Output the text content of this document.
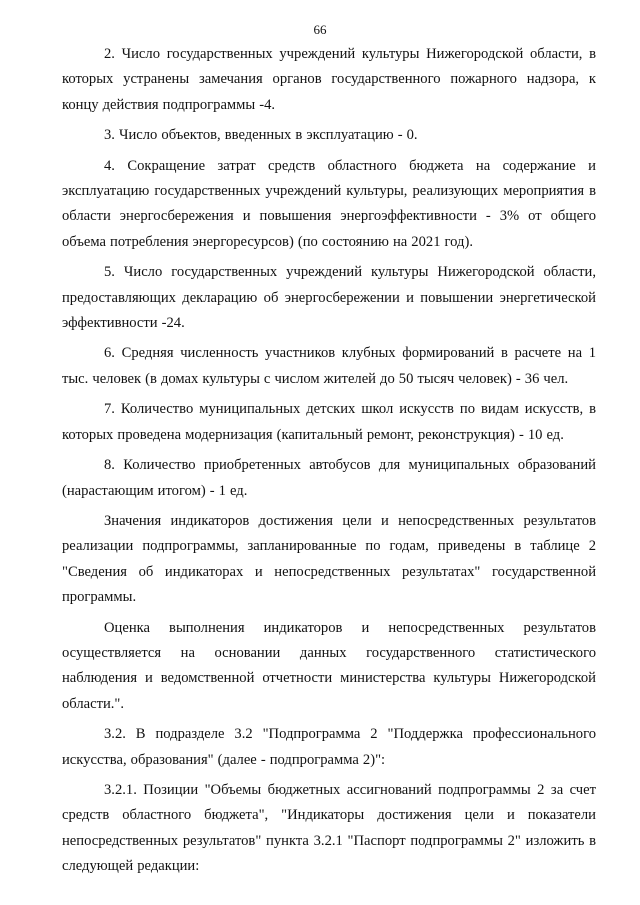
66

2. Число государственных учреждений культуры Нижегородской области, в которых устранены замечания органов государственного пожарного надзора, к концу действия подпрограммы -4.

3. Число объектов, введенных в эксплуатацию - 0.

4. Сокращение затрат средств областного бюджета на содержание и эксплуатацию государственных учреждений культуры, реализующих мероприятия в области энергосбережения и повышения энергоэффективности - 3% от общего объема потребления энергоресурсов) (по состоянию на 2021 год).

5. Число государственных учреждений культуры Нижегородской области, предоставляющих декларацию об энергосбережении и повышении энергетической эффективности -24.

6. Средняя численность участников клубных формирований в расчете на 1 тыс. человек (в домах культуры с числом жителей до 50 тысяч человек) - 36 чел.

7. Количество муниципальных детских школ искусств по видам искусств, в которых проведена модернизация (капитальный ремонт, реконструкция) - 10 ед.

8. Количество приобретенных автобусов для муниципальных образований (нарастающим итогом) - 1 ед.

Значения индикаторов достижения цели и непосредственных результатов реализации подпрограммы, запланированные по годам, приведены в таблице 2 "Сведения об индикаторах и непосредственных результатах" государственной программы.

Оценка выполнения индикаторов и непосредственных результатов осуществляется на основании данных государственного статистического наблюдения и ведомственной отчетности министерства культуры Нижегородской области.".

3.2. В подразделе 3.2 "Подпрограмма 2 "Поддержка профессионального искусства, образования" (далее - подпрограмма 2)":

3.2.1. Позиции "Объемы бюджетных ассигнований подпрограммы 2 за счет средств областного бюджета", "Индикаторы достижения цели и показатели непосредственных результатов" пункта 3.2.1 "Паспорт подпрограммы 2" изложить в следующей редакции:
